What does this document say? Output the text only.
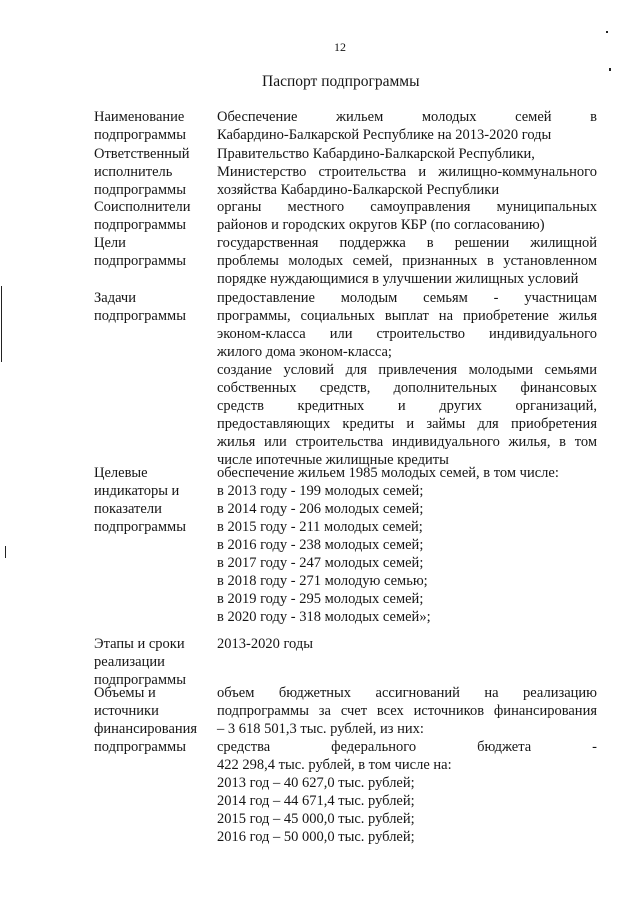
12
Паспорт подпрограммы
Наименование
подпрограммы
Обеспечение жильем молодых семей в
Кабардино-Балкарской Республике на 2013-2020 годы
Ответственный
исполнитель
подпрограммы
Правительство Кабардино-Балкарской Республики,
Министерство строительства и жилищно-коммунального
хозяйства Кабардино-Балкарской Республики
Соисполнители
подпрограммы
органы местного самоуправления муниципальных
районов и городских округов КБР (по согласованию)
Цели
подпрограммы
государственная поддержка в решении жилищной
проблемы молодых семей, признанных в установленном
порядке нуждающимися в улучшении жилищных условий
Задачи
подпрограммы
предоставление молодым семьям - участницам
программы, социальных выплат на приобретение жилья
эконом-класса или строительство индивидуального
жилого дома эконом-класса;
создание условий для привлечения молодыми семьями
собственных средств, дополнительных финансовых
средств кредитных и других организаций,
предоставляющих кредиты и займы для приобретения
жилья или строительства индивидуального жилья, в том
числе ипотечные жилищные кредиты
Целевые
индикаторы и
показатели
подпрограммы
обеспечение жильем 1985 молодых семей, в том числе:
в 2013 году - 199 молодых семей;
в 2014 году - 206 молодых семей;
в 2015 году - 211 молодых семей;
в 2016 году - 238 молодых семей;
в 2017 году - 247 молодых семей;
в 2018 году - 271 молодую семью;
в 2019 году - 295 молодых семей;
в 2020 году - 318 молодых семей»;
Этапы и сроки
реализации
подпрограммы
2013-2020 годы
Объемы и
источники
финансирования
подпрограммы
объем бюджетных ассигнований на реализацию
подпрограммы за счет всех источников финансирования
– 3 618 501,3 тыс. рублей, из них:
средства федерального бюджета -
422 298,4 тыс. рублей, в том числе на:
2013 год – 40 627,0 тыс. рублей;
2014 год – 44 671,4 тыс. рублей;
2015 год – 45 000,0 тыс. рублей;
2016 год – 50 000,0 тыс. рублей;
